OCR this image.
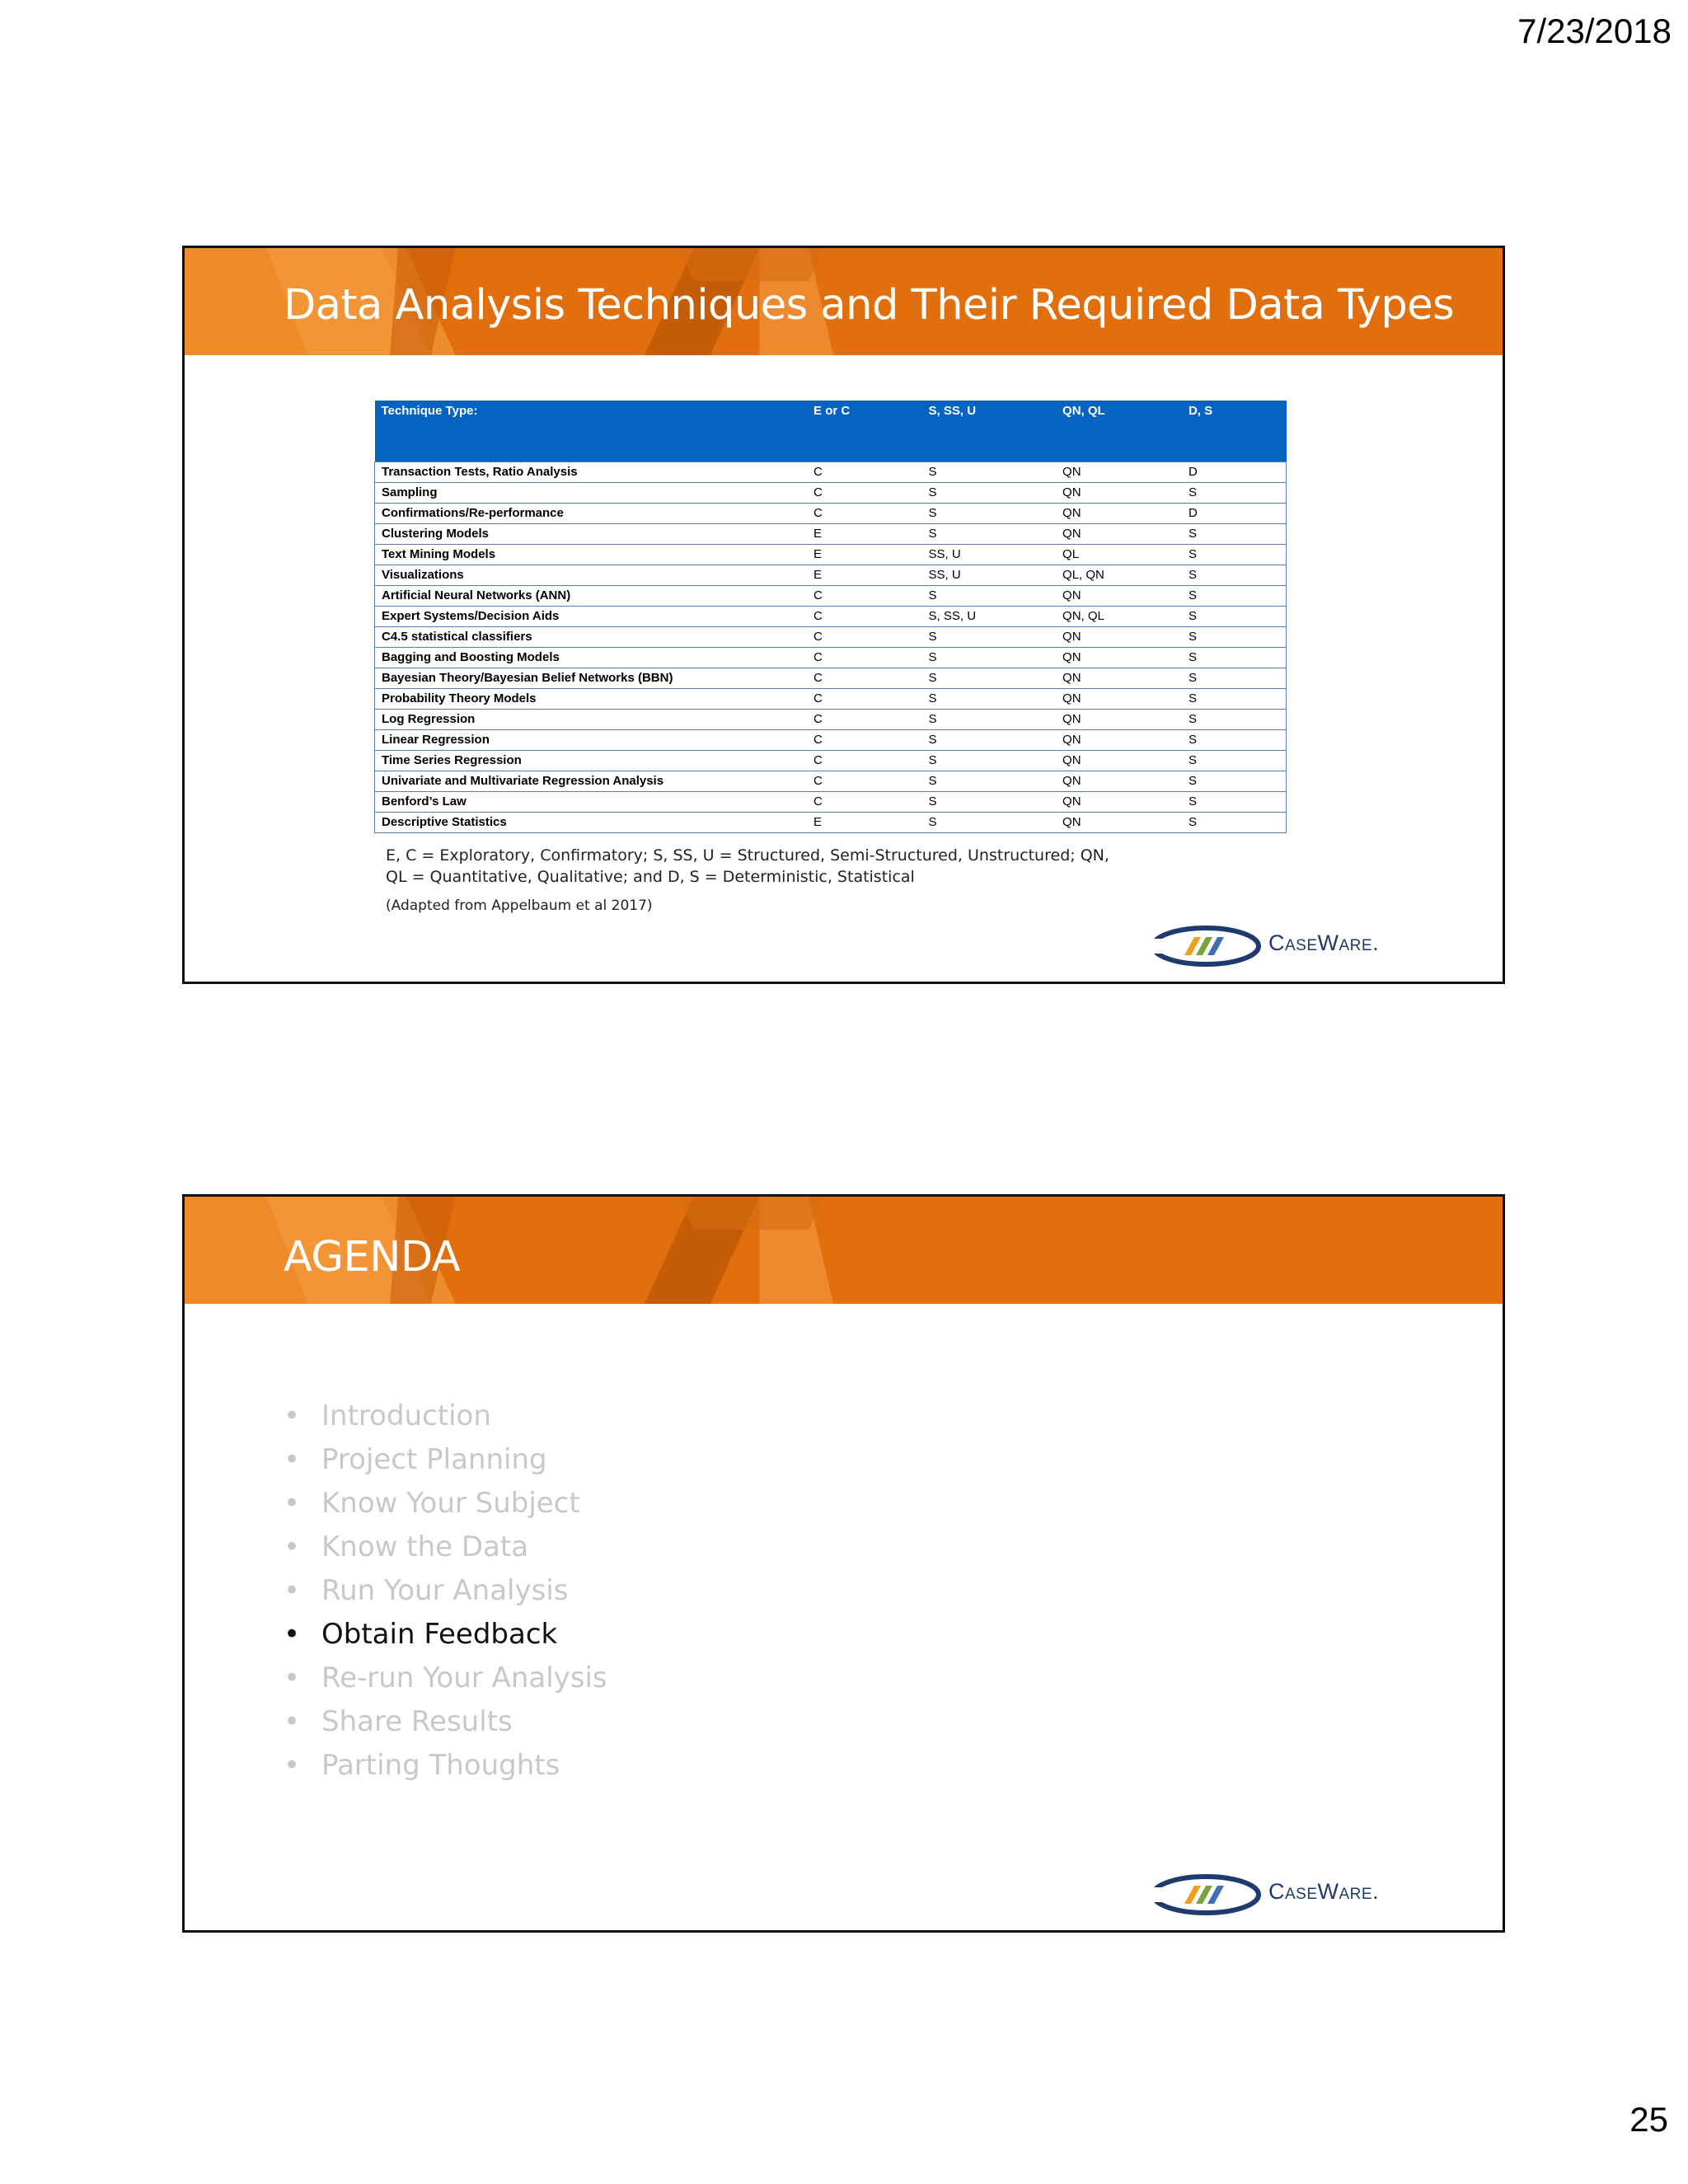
7/23/2018
Data Analysis Techniques and Their Required Data Types
Technique Type:	E or C	S, SS, U	QN, QL	D, S
Transaction Tests, Ratio Analysis	C	S	QN	D
Sampling	C	S	QN	S
Confirmations/Re-performance	C	S	QN	D
Clustering Models	E	S	QN	S
Text Mining Models	E	SS, U	QL	S
Visualizations	E	SS, U	QL, QN	S
Artificial Neural Networks (ANN)	C	S	QN	S
Expert Systems/Decision Aids	C	S, SS, U	QN, QL	S
C4.5 statistical classifiers	C	S	QN	S
Bagging and Boosting Models	C	S	QN	S
Bayesian Theory/Bayesian Belief Networks (BBN)	C	S	QN	S
Probability Theory Models	C	S	QN	S
Log Regression	C	S	QN	S
Linear Regression	C	S	QN	S
Time Series Regression	C	S	QN	S
Univariate and Multivariate Regression Analysis	C	S	QN	S
Benford’s Law	C	S	QN	S
Descriptive Statistics	E	S	QN	S
E, C = Exploratory, Confirmatory; S, SS, U = Structured, Semi-Structured, Unstructured; QN, QL = Quantitative, Qualitative; and D, S = Deterministic, Statistical
(Adapted from Appelbaum et al 2017)
CaseWare.
AGENDA
• Introduction
• Project Planning
• Know Your Subject
• Know the Data
• Run Your Analysis
• Obtain Feedback
• Re-run Your Analysis
• Share Results
• Parting Thoughts
CaseWare.
25
